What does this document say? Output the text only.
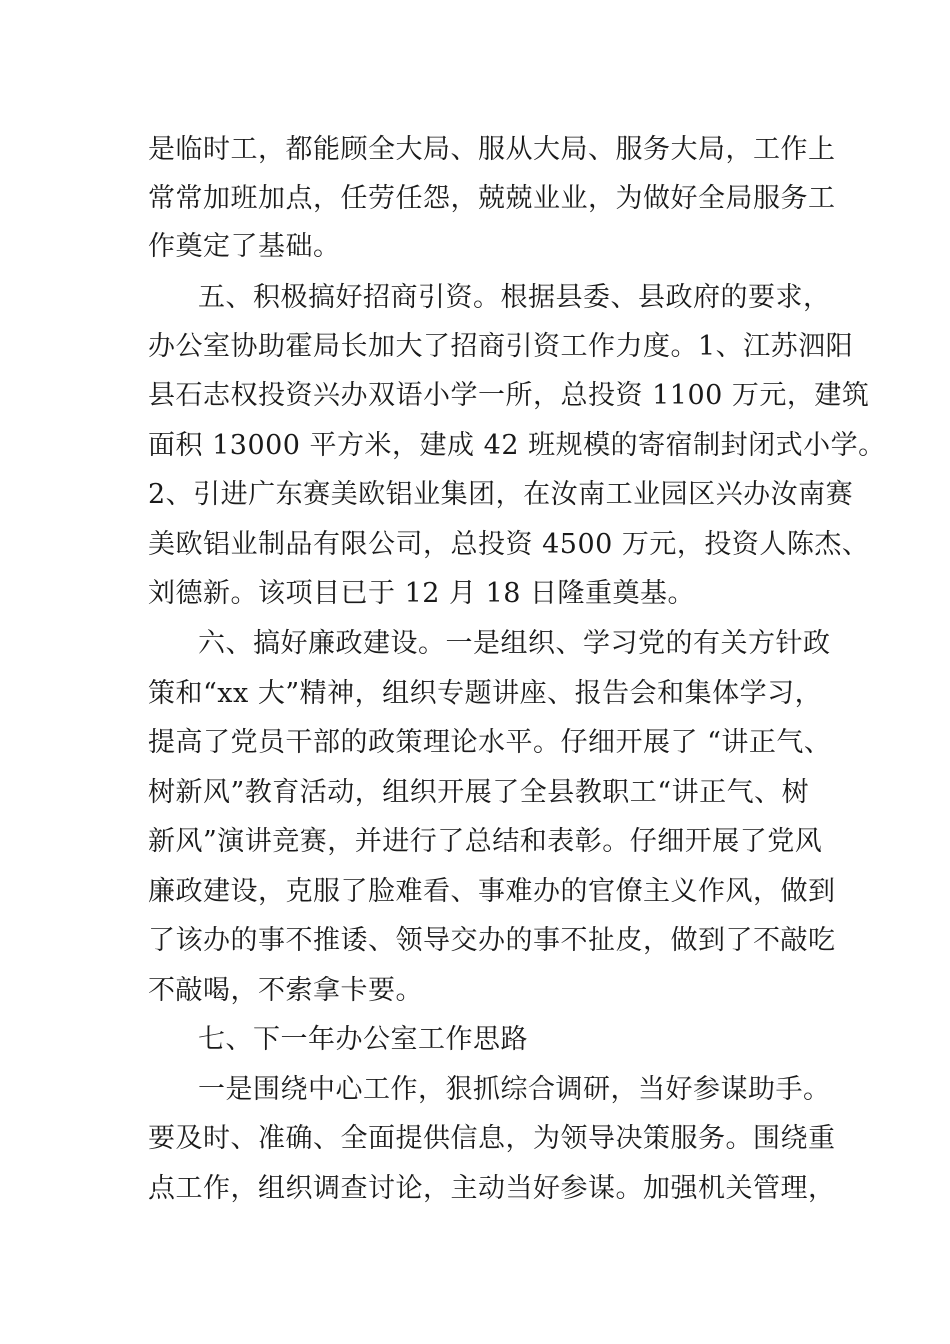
是临时工，都能顾全大局、服从大局、服务大局，工作上
常常加班加点，任劳任怨，兢兢业业，为做好全局服务工
作奠定了基础。
五、积极搞好招商引资。根据县委、县政府的要求，
办公室协助霍局长加大了招商引资工作力度。1、江苏泗阳
县石志权投资兴办双语小学一所，总投资 1100 万元，建筑
面积 13000 平方米，建成 42 班规模的寄宿制封闭式小学。
2、引进广东赛美欧铝业集团，在汝南工业园区兴办汝南赛
美欧铝业制品有限公司，总投资 4500 万元，投资人陈杰、
刘德新。该项目已于 12 月 18 日隆重奠基。
六、搞好廉政建设。一是组织、学习党的有关方针政
策和“xx 大”精神，组织专题讲座、报告会和集体学习，
提高了党员干部的政策理论水平。仔细开展了 “讲正气、
树新风”教育活动，组织开展了全县教职工“讲正气、树
新风”演讲竞赛，并进行了总结和表彰。仔细开展了党风
廉政建设，克服了脸难看、事难办的官僚主义作风，做到
了该办的事不推诿、领导交办的事不扯皮，做到了不敲吃
不敲喝，不索拿卡要。
七、下一年办公室工作思路
一是围绕中心工作，狠抓综合调研，当好参谋助手。
要及时、准确、全面提供信息，为领导决策服务。围绕重
点工作，组织调查讨论，主动当好参谋。加强机关管理，
